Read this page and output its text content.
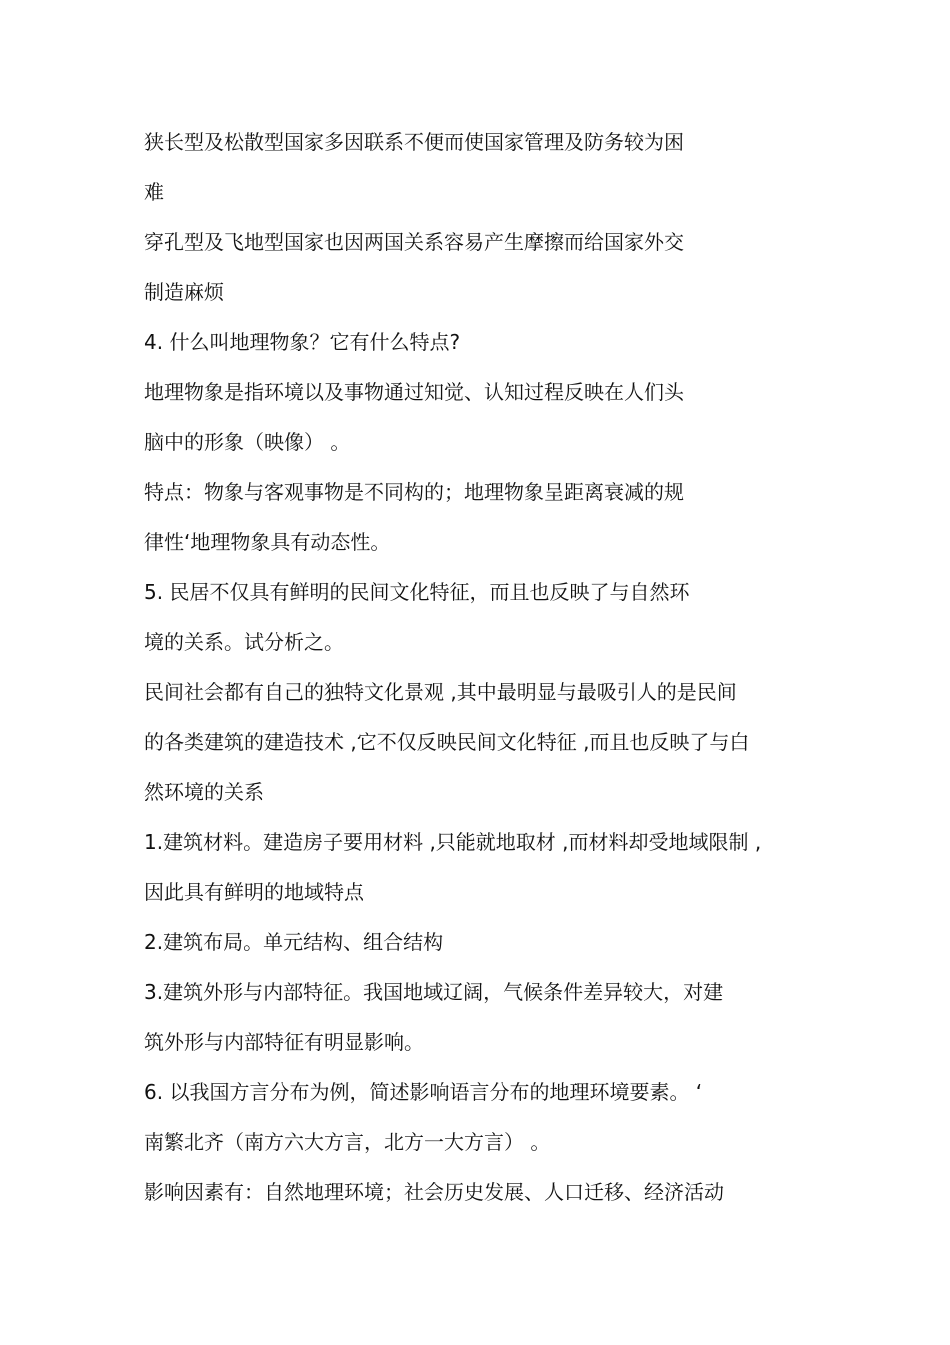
狭长型及松散型国家多因联系不便而使国家管理及防务较为困

难

穿孔型及飞地型国家也因两国关系容易产生摩擦而给国家外交

制造麻烦

4. 什么叫地理物象？它有什么特点?

地理物象是指环境以及事物通过知觉、认知过程反映在人们头

脑中的形象（映像） 。

特点：物象与客观事物是不同构的；地理物象呈距离衰减的规

律性‘地理物象具有动态性。

5. 民居不仅具有鲜明的民间文化特征，而且也反映了与自然环

境的关系。试分析之。

民间社会都有自己的独特文化景观 ,其中最明显与最吸引人的是民间

的各类建筑的建造技术 ,它不仅反映民间文化特征 ,而且也反映了与白

然环境的关系

1.建筑材料。建造房子要用材料 ,只能就地取材 ,而材料却受地域限制 ,

因此具有鲜明的地域特点

2.建筑布局。单元结构、组合结构

3.建筑外形与内部特征。我国地域辽阔，气候条件差异较大，对建

筑外形与内部特征有明显影响。

6. 以我国方言分布为例，简述影响语言分布的地理环境要素。 ‘

南繁北齐（南方六大方言，北方一大方言） 。

影响因素有：自然地理环境；社会历史发展、人口迁移、经济活动
